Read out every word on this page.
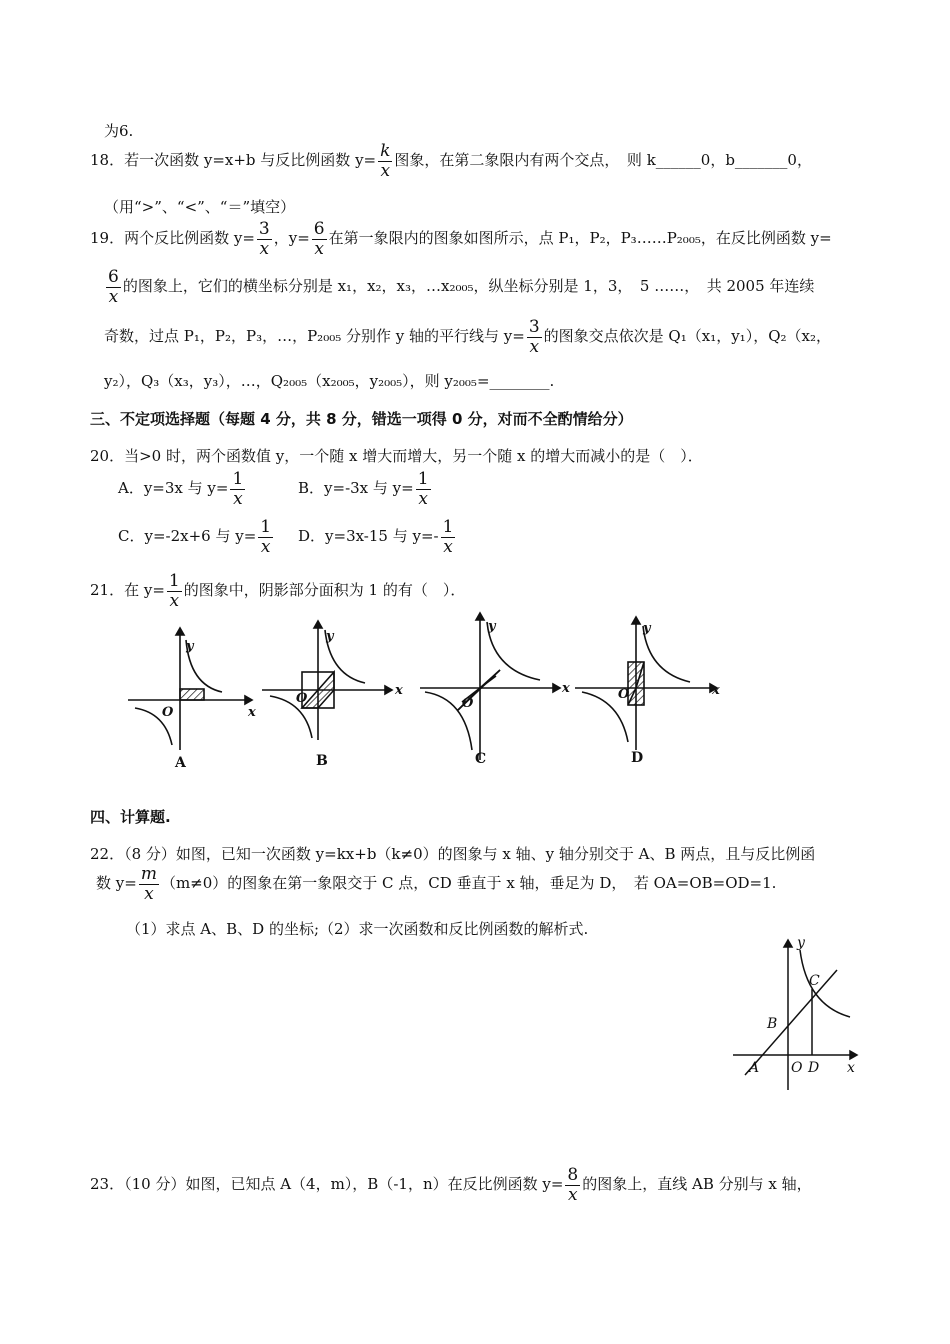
为6.
18．若一次函数 y=x+b 与反比例函数 $y= \frac{k}{x}$ 图象，在第二象限内有两个交点，　则 k______0，b_______0，
（用“>”、“<”、“＝”填空）
19．两个反比例函数 $y= \frac{3}{x}$ ，$y= \frac{6}{x}$ 在第一象限内的图象如图所示，点 P₁，P₂，P₃……P₂₀₀₅，在反比例函数 y=
$\frac{6}{x}$ 的图象上，它们的横坐标分别是 x₁，x₂，x₃，…x₂₀₀₅，纵坐标分别是 1，3，　5 ……，　共 2005 年连续
奇数，过点 P₁，P₂，P₃，…，P₂₀₀₅ 分别作 y 轴的平行线与 $y= \frac{3}{x}$ 的图象交点依次是 Q₁（x₁，y₁），Q₂（x₂，
y₂），Q₃（x₃，y₃），…，Q₂₀₀₅（x₂₀₀₅，y₂₀₀₅），则 y₂₀₀₅=________.
三、不定项选择题（每题 4 分，共 8 分，错选一项得 0 分，对而不全酌情给分）
20．当>0 时，两个函数值 y，一个随 x 增大而增大，另一个随 x 的增大而减小的是（　）．
A．y=3x 与 $y= \frac{1}{x}$	B．y=-3x 与 $y= \frac{1}{x}$
C．y=-2x+6 与 $y= \frac{1}{x}$ D．y=3x-15 与 $y=- \frac{1}{x}$
21．在 $y= \frac{1}{x}$ 的图象中，阴影部分面积为 1 的有（　）．
y
x
O
y
x
O
y
x
O
y
x
O
A	B	C	D
四、计算题.
22．（8 分）如图，已知一次函数 y=kx+b（k≠0）的图象与 x 轴、y 轴分别交于 A、B 两点，且与反比例函
数 $y= \frac{m}{x} (m\ne 0)$的图象在第一象限交于 C 点，CD 垂直于 x 轴，垂足为 D，　若 OA=OB=OD=1.
（1）求点 A、B、D 的坐标;（2）求一次函数和反比例函数的解析式.
y
x
C
B
A O D
23．（10 分）如图，已知点 A（4，m），B（-1，n）在反比例函数 $y= \frac{8}{x}$ 的图象上，直线 AB 分别与 x 轴，
